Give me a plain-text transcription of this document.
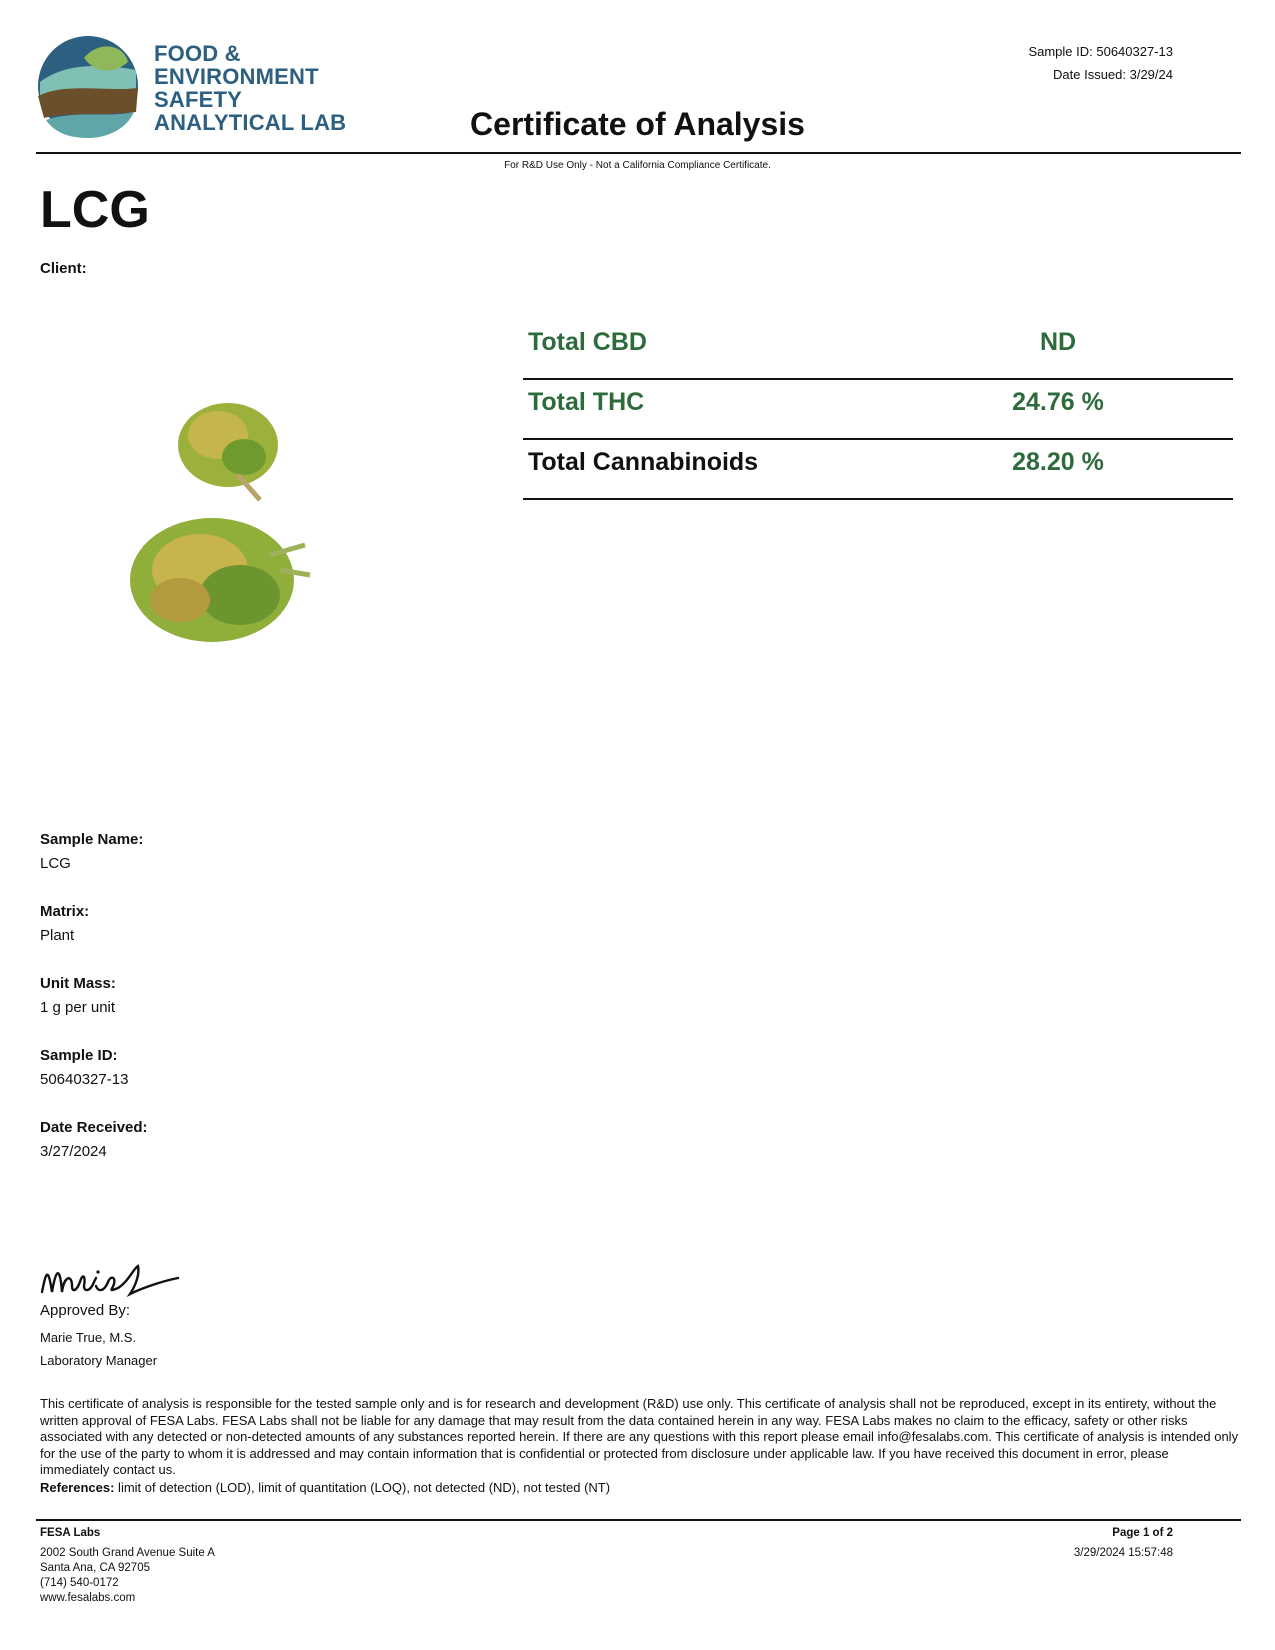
FOOD &
ENVIRONMENT
SAFETY
ANALYTICAL LAB
Sample ID: 50640327-13
Date Issued: 3/29/24
Certificate of Analysis
For R&D Use Only - Not a California Compliance Certificate.
LCG
Client:
Total CBD	ND
Total THC	24.76 %
Total Cannabinoids	28.20 %
Sample Name:
LCG
Matrix:
Plant
Unit Mass:
1 g per unit
Sample ID:
50640327-13
Date Received:
3/27/2024
Approved By:
Marie True, M.S.
Laboratory Manager
This certificate of analysis is responsible for the tested sample only and is for research and development (R&D) use only. This certificate of analysis shall not be reproduced, except in its entirety, without the written approval of FESA Labs. FESA Labs shall not be liable for any damage that may result from the data contained herein in any way. FESA Labs makes no claim to the efficacy, safety or other risks associated with any detected or non-detected amounts of any substances reported herein. If there are any questions with this report please email info@fesalabs.com. This certificate of analysis is intended only for the use of the party to whom it is addressed and may contain information that is confidential or protected from disclosure under applicable law. If you have received this document in error, please immediately contact us.
References: limit of detection (LOD), limit of quantitation (LOQ), not detected (ND), not tested (NT)
FESA Labs
2002 South Grand Avenue Suite A
Santa Ana, CA 92705
(714) 540-0172
www.fesalabs.com
Page 1 of 2
3/29/2024 15:57:48
